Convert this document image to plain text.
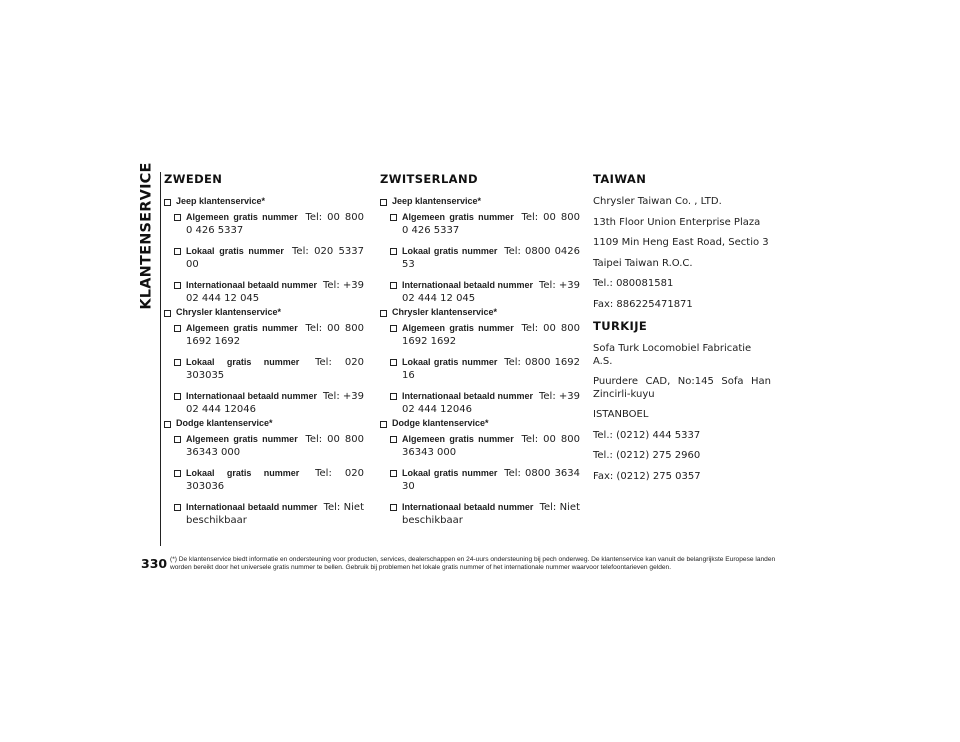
KLANTENSERVICE ZWEDEN
Jeep klantenservice*
Algemeen gratis nummer Tel: 00 800 0 426 5337
Lokaal gratis nummer Tel: 020 5337 00
Internationaal betaald nummer Tel: +39 02 444 12 045
Chrysler klantenservice*
Algemeen gratis nummer Tel: 00 800 1692 1692
Lokaal gratis nummer Tel: 020 303035
Internationaal betaald nummer Tel: +39 02 444 12046
Dodge klantenservice*
Algemeen gratis nummer Tel: 00 800 36343 000
Lokaal gratis nummer Tel: 020 303036
Internationaal betaald nummer Tel: Niet beschikbaar
ZWITSERLAND
Jeep klantenservice*
Algemeen gratis nummer Tel: 00 800 0 426 5337
Lokaal gratis nummer Tel: 0800 0426 53
Internationaal betaald nummer Tel: +39 02 444 12 045
Chrysler klantenservice*
Algemeen gratis nummer Tel: 00 800 1692 1692
Lokaal gratis nummer Tel: 0800 1692 16
Internationaal betaald nummer Tel: +39 02 444 12046
Dodge klantenservice*
Algemeen gratis nummer Tel: 00 800 36343 000
Lokaal gratis nummer Tel: 0800 3634 30
Internationaal betaald nummer Tel: Niet beschikbaar
TAIWAN

Chrysler Taiwan Co. , LTD.

13th Floor Union Enterprise Plaza

1109 Min Heng East Road, Sectio 3

Taipei Taiwan R.O.C.

Tel.: 080081581

Fax: 886225471871

TURKIJE

Sofa Turk Locomobiel Fabricatie A.S.

Puurdere CAD, No:145 Sofa Han Zincirli-kuyu

ISTANBOEL

Tel.: (0212) 444 5337

Tel.: (0212) 275 2960

Fax: (0212) 275 0357

330 (*) De klantenservice biedt informatie en ondersteuning voor producten, services, dealerschappen en 24-uurs ondersteuning bij pech onderweg. De klantenservice kan vanuit de belangrijkste Europese landen worden bereikt door het universele gratis nummer te bellen. Gebruik bij problemen het lokale gratis nummer of het internationale nummer waarvoor telefoontarieven gelden.
